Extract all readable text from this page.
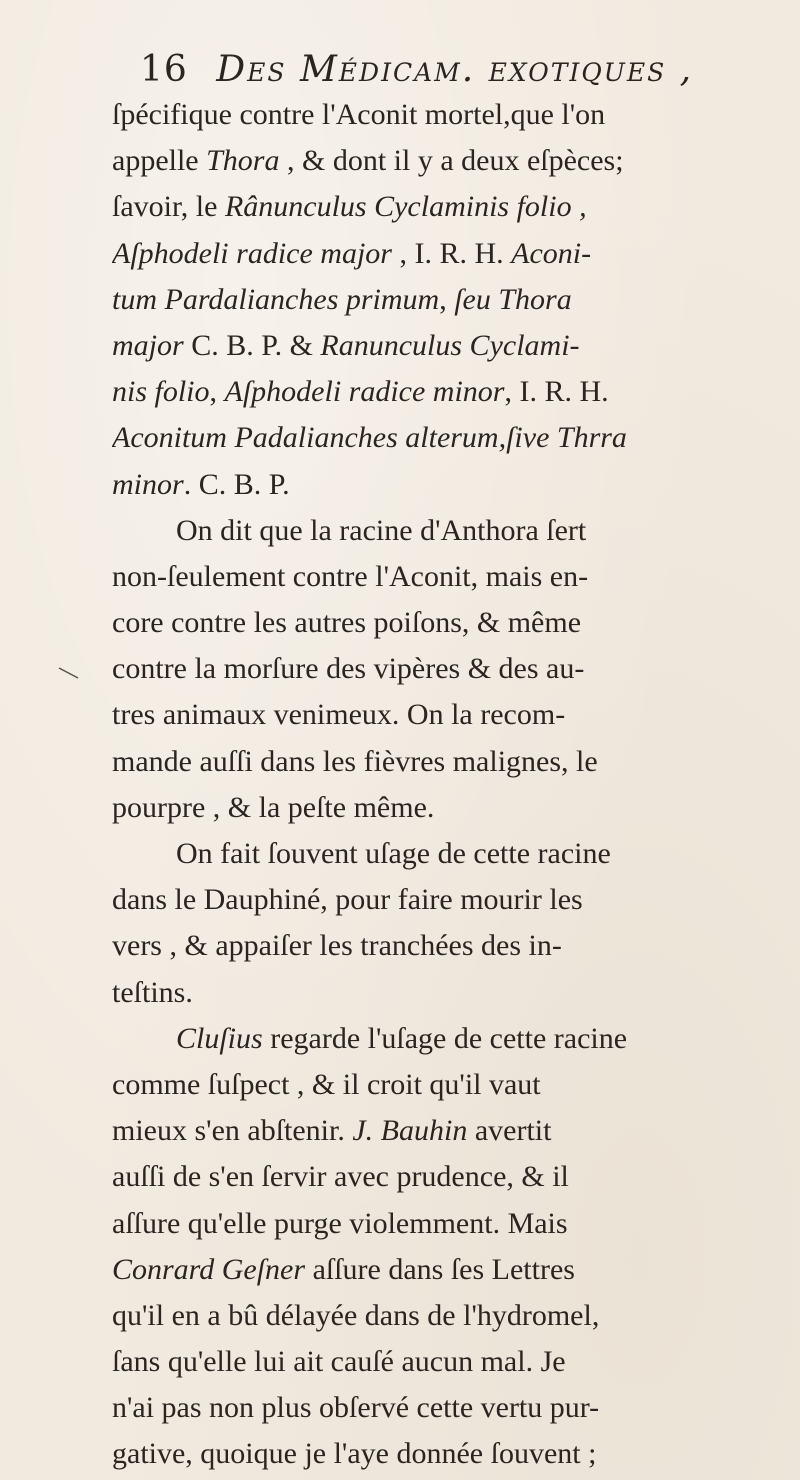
16 Des Médicam. exotiques ,
ſpécifique contre l'Aconit mortel,que l'on
appelle Thora , & dont il y a deux eſpèces;
ſavoir, le Rânunculus Cyclaminis folio ,
Aſphodeli radice major , I. R. H. Aconi-
tum Pardalianches primum, ſeu Thora
major C. B. P. & Ranunculus Cyclami-
nis folio, Aſphodeli radice minor, I. R. H.
Aconitum Padalianches alterum,ſive Thrra
minor. C. B. P.
On dit que la racine d'Anthora ſert
non-ſeulement contre l'Aconit, mais en-
core contre les autres poiſons, & même
contre la morſure des vipères & des au-
tres animaux venimeux. On la recom-
mande auſſi dans les fièvres malignes, le
pourpre , & la peſte même.
On fait ſouvent uſage de cette racine
dans le Dauphiné, pour faire mourir les
vers , & appaiſer les tranchées des in-
teſtins.
Cluſius regarde l'uſage de cette racine
comme ſuſpect , & il croit qu'il vaut
mieux s'en abſtenir. J. Bauhin avertit
auſſi de s'en ſervir avec prudence, & il
aſſure qu'elle purge violemment. Mais
Conrard Geſner aſſure dans ſes Lettres
qu'il en a bû délayée dans de l'hydromel,
ſans qu'elle lui ait cauſé aucun mal. Je
n'ai pas non plus obſervé cette vertu pur-
gative, quoique je l'aye donnée ſouvent ;
